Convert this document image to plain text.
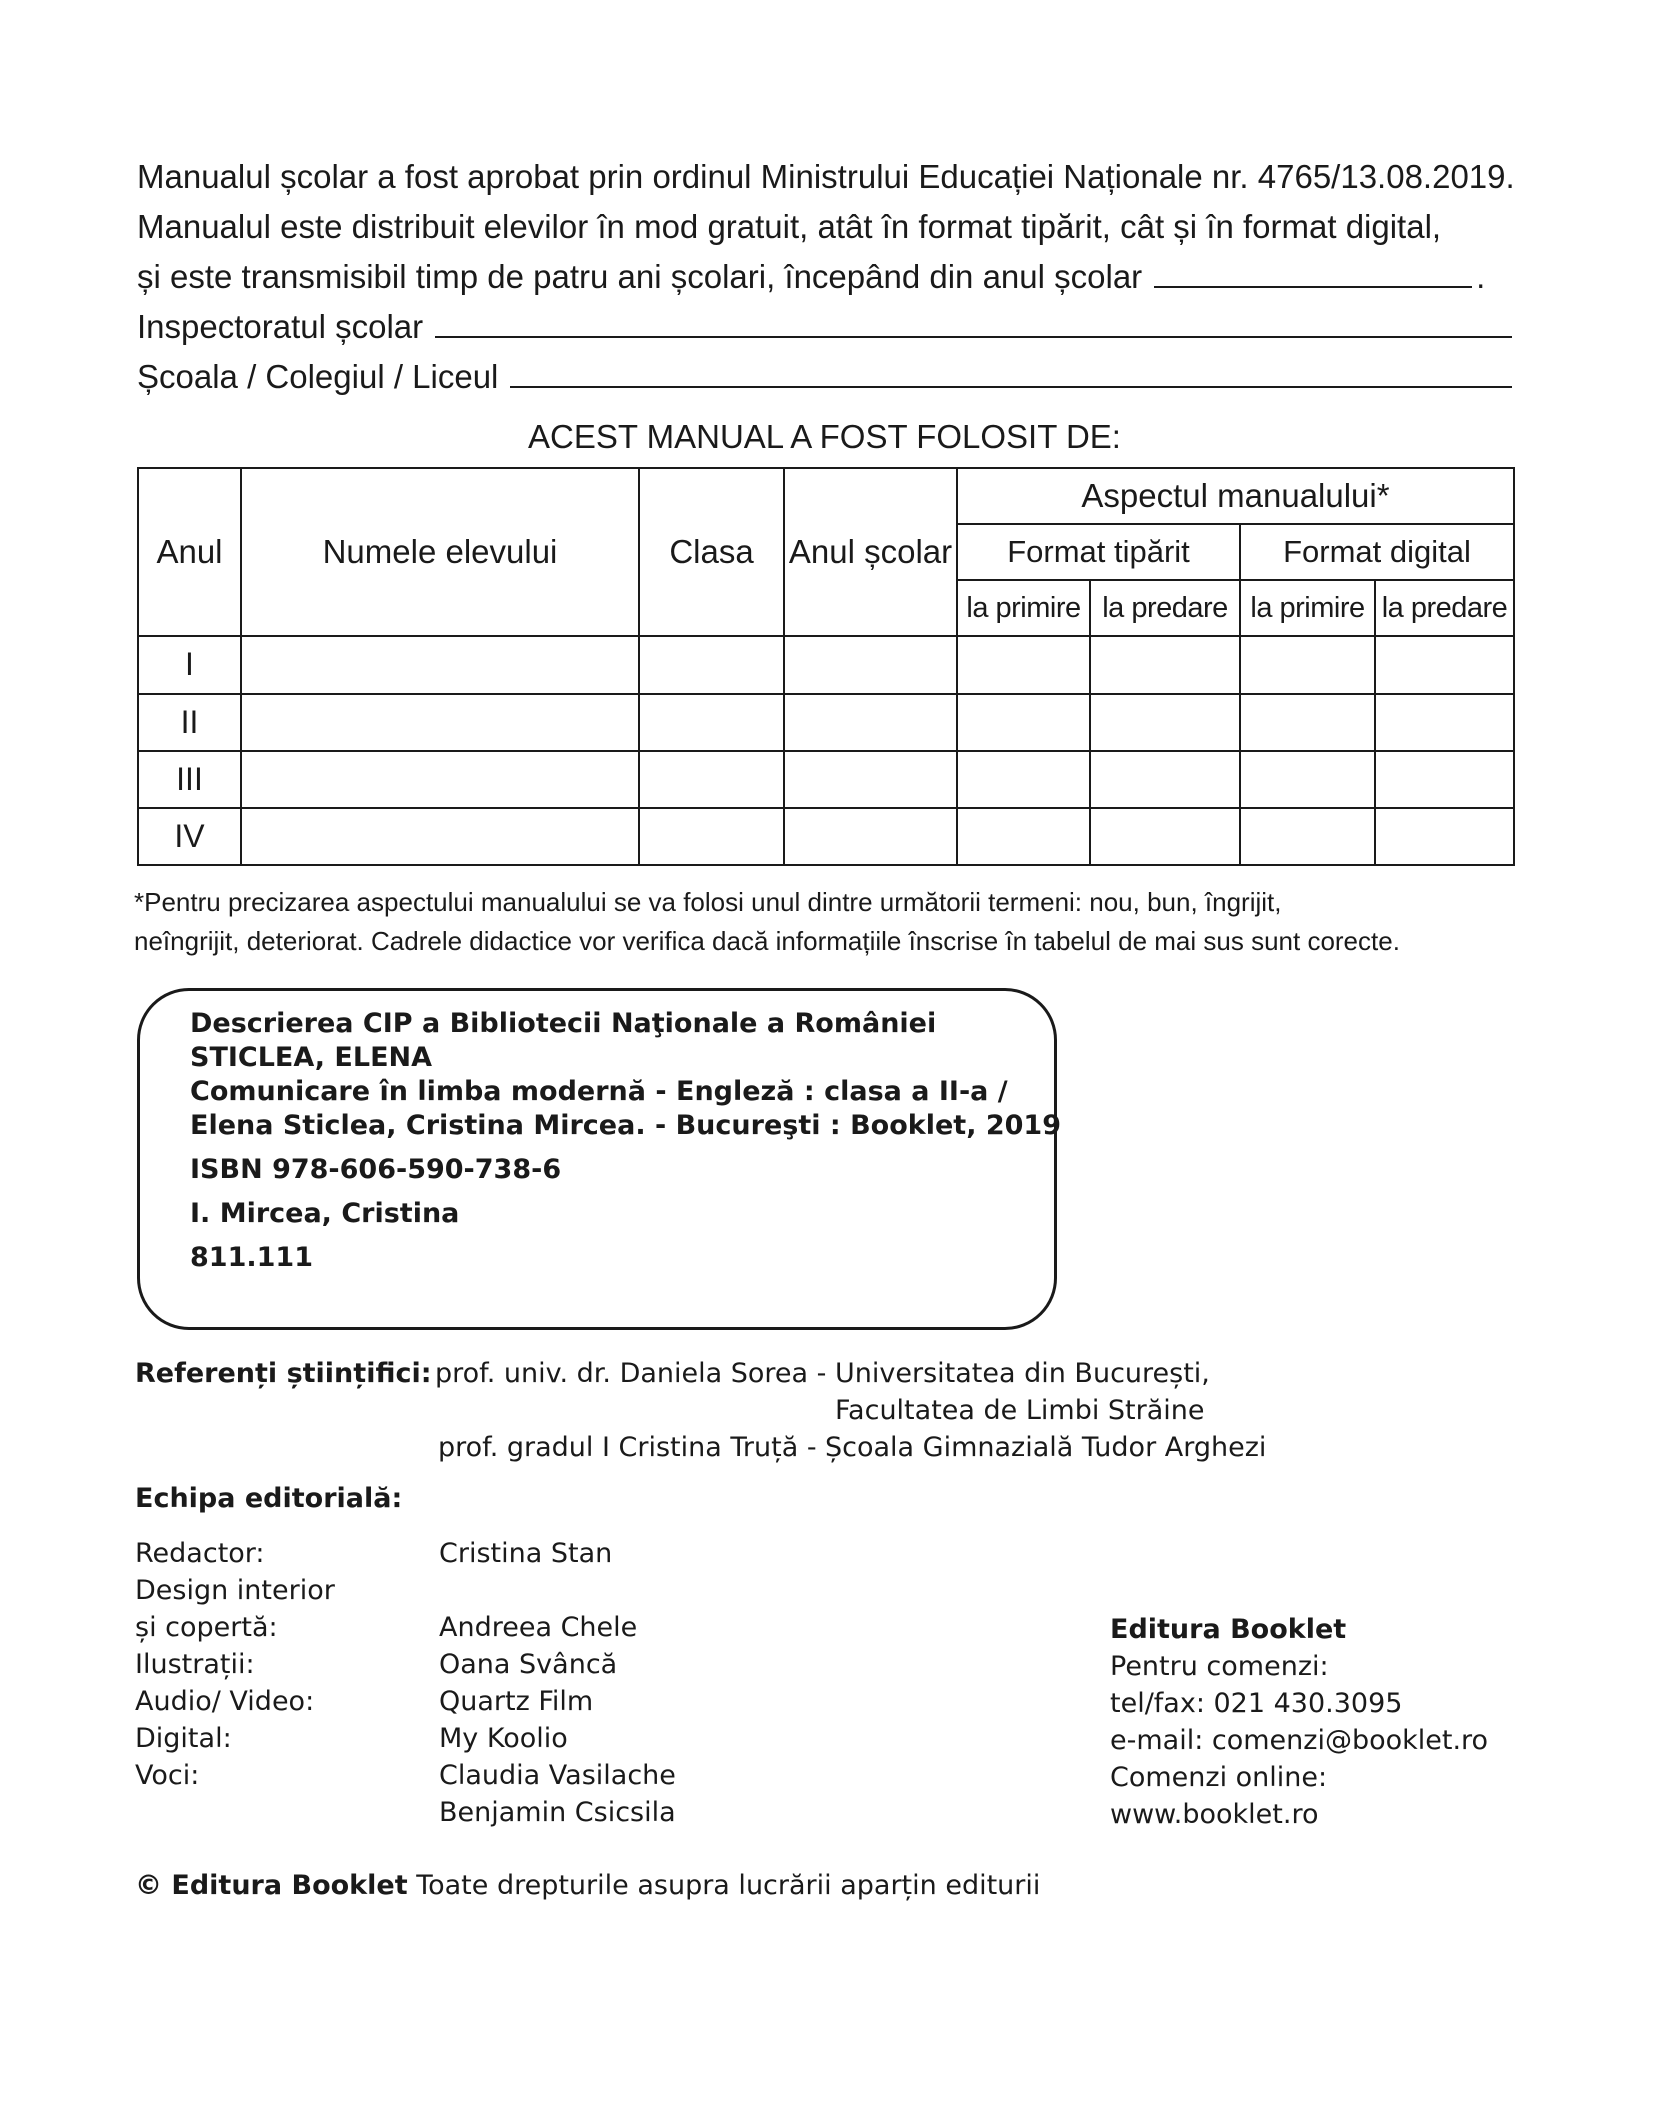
Manualul școlar a fost aprobat prin ordinul Ministrului Educației Naționale nr. 4765/13.08.2019.
Manualul este distribuit elevilor în mod gratuit, atât în format tipărit, cât și în format digital,
și este transmisibil timp de patru ani școlari, începând din anul școlar	.
Inspectoratul școlar
Școala / Colegiul / Liceul
ACEST MANUAL A FOST FOLOSIT DE:
Anul	Numele elevului	Clasa	Anul școlar	Aspectul manualului*			
				Format tipărit		Format digital	
				la primire	la predare	la primire	la predare
I							
II							
III							
IV							
*Pentru precizarea aspectului manualului se va folosi unul dintre următorii termeni: nou, bun, îngrijit,
neîngrijit, deteriorat. Cadrele didactice vor verifica dacă informațiile înscrise în tabelul de mai sus sunt corecte.
Descrierea CIP a Bibliotecii Naţionale a României
STICLEA, ELENA
Comunicare în limba modernă - Engleză : clasa a II-a /
Elena Sticlea, Cristina Mircea. - Bucureşti : Booklet, 2019
ISBN 978-606-590-738-6
I. Mircea, Cristina
811.111
Referenți științifici: prof. univ. dr. Daniela Sorea - Universitatea din București,
Facultatea de Limbi Străine
prof. gradul I Cristina Truță - Școala Gimnazială Tudor Arghezi
Echipa editorială:
Redactor:	Cristina Stan
Design interior
și copertă:	Andreea Chele
Ilustrații:	Oana Svâncă
Audio/ Video:	Quartz Film
Digital:	My Koolio
Voci:	Claudia Vasilache
Benjamin Csicsila
Editura Booklet
Pentru comenzi:
tel/fax: 021 430.3095
e-mail: comenzi@booklet.ro
Comenzi online:
www.booklet.ro
© Editura Booklet Toate drepturile asupra lucrării aparțin editurii
